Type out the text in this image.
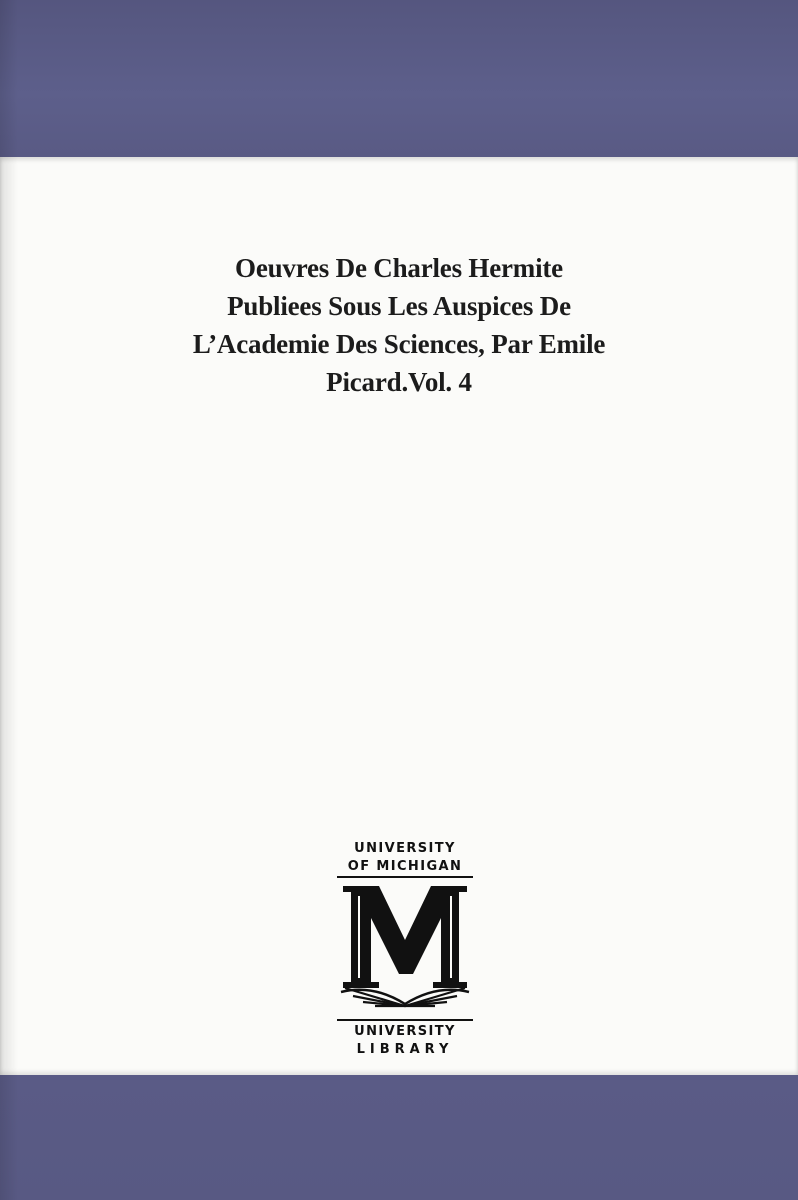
Oeuvres De Charles Hermite
Publiees Sous Les Auspices De
L’Academie Des Sciences, Par Emile
Picard.Vol. 4
UNIVERSITY
OF MICHIGAN
UNIVERSITY
LIBRARY
